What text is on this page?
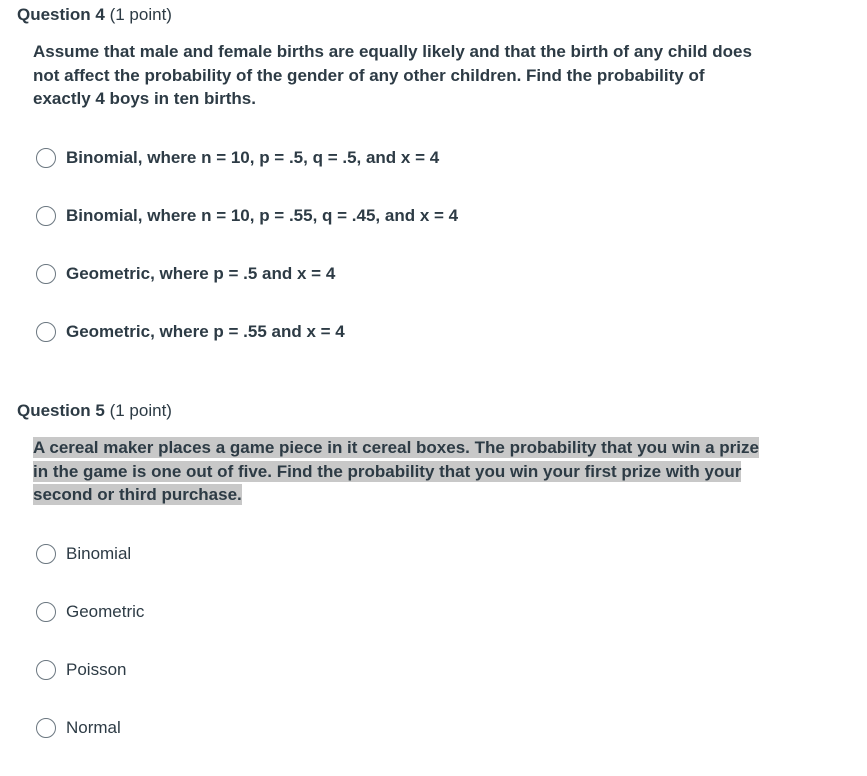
Question 4 (1 point)
Assume that male and female births are equally likely and that the birth of any child does not affect the probability of the gender of any other children. Find the probability of exactly 4 boys in ten births.
Binomial, where n = 10, p = .5, q = .5, and x = 4
Binomial, where n = 10, p = .55, q = .45, and x = 4
Geometric, where p = .5 and x = 4
Geometric, where p = .55 and x = 4
Question 5 (1 point)
A cereal maker places a game piece in it cereal boxes. The probability that you win a prize in the game is one out of five. Find the probability that you win your first prize with your second or third purchase.
Binomial
Geometric
Poisson
Normal
